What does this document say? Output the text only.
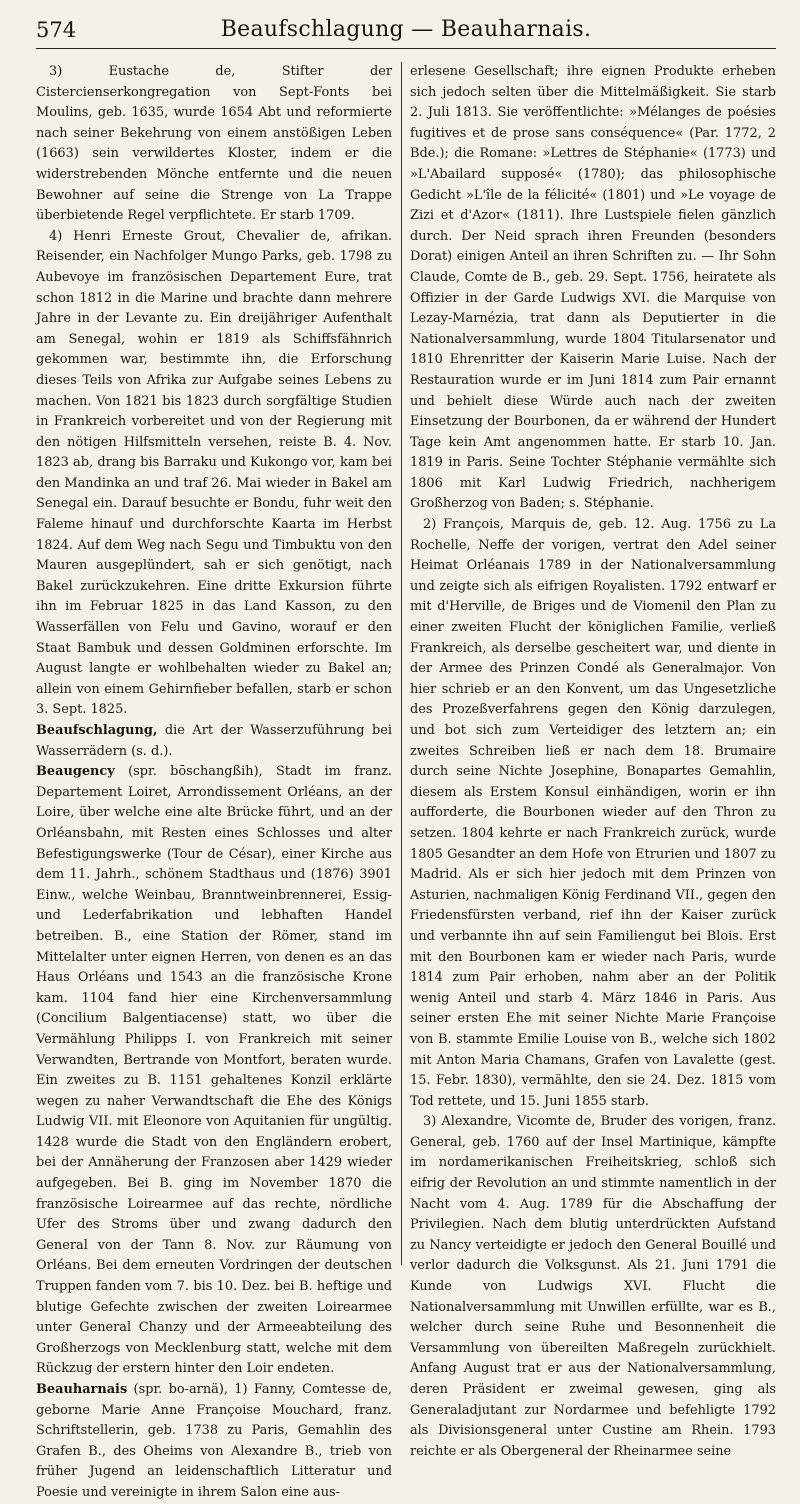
574	Beaufschlagung — Beauharnais.

3) Eustache de, Stifter der Cistercienserkongregation von Sept-Fonts bei Moulins, geb. 1635, wurde 1654 Abt und reformierte nach seiner Bekehrung von einem anstößigen Leben (1663) sein verwildertes Kloster, indem er die widerstrebenden Mönche entfernte und die neuen Bewohner auf seine die Strenge von La Trappe überbietende Regel verpflichtete. Er starb 1709.

4) Henri Erneste Grout, Chevalier de, afrikan. Reisender, ein Nachfolger Mungo Parks, geb. 1798 zu Aubevoye im französischen Departement Eure, trat schon 1812 in die Marine und brachte dann mehrere Jahre in der Levante zu. Ein dreijähriger Aufenthalt am Senegal, wohin er 1819 als Schiffsfähnrich gekommen war, bestimmte ihn, die Erforschung dieses Teils von Afrika zur Aufgabe seines Lebens zu machen. Von 1821 bis 1823 durch sorgfältige Studien in Frankreich vorbereitet und von der Regierung mit den nötigen Hilfsmitteln versehen, reiste B. 4. Nov. 1823 ab, drang bis Barraku und Kukongo vor, kam bei den Mandinka an und traf 26. Mai wieder in Bakel am Senegal ein. Darauf besuchte er Bondu, fuhr weit den Faleme hinauf und durchforschte Kaarta im Herbst 1824. Auf dem Weg nach Segu und Timbuktu von den Mauren ausgeplündert, sah er sich genötigt, nach Bakel zurückzukehren. Eine dritte Exkursion führte ihn im Februar 1825 in das Land Kasson, zu den Wasserfällen von Felu und Gavino, worauf er den Staat Bambuk und dessen Goldminen erforschte. Im August langte er wohlbehalten wieder zu Bakel an; allein von einem Gehirnfieber befallen, starb er schon 3. Sept. 1825.

Beaufschlagung, die Art der Wasserzuführung bei Wasserrädern (s. d.).

Beaugency (spr. bōschangßih), Stadt im franz. Departement Loiret, Arrondissement Orléans, an der Loire, über welche eine alte Brücke führt, und an der Orléansbahn, mit Resten eines Schlosses und alter Befestigungswerke (Tour de César), einer Kirche aus dem 11. Jahrh., schönem Stadthaus und (1876) 3901 Einw., welche Weinbau, Branntweinbrennerei, Essig- und Lederfabrikation und lebhaften Handel betreiben. B., eine Station der Römer, stand im Mittelalter unter eignen Herren, von denen es an das Haus Orléans und 1543 an die französische Krone kam. 1104 fand hier eine Kirchenversammlung (Concilium Balgentiacense) statt, wo über die Vermählung Philipps I. von Frankreich mit seiner Verwandten, Bertrande von Montfort, beraten wurde. Ein zweites zu B. 1151 gehaltenes Konzil erklärte wegen zu naher Verwandtschaft die Ehe des Königs Ludwig VII. mit Eleonore von Aquitanien für ungültig. 1428 wurde die Stadt von den Engländern erobert, bei der Annäherung der Franzosen aber 1429 wieder aufgegeben. Bei B. ging im November 1870 die französische Loirearmee auf das rechte, nördliche Ufer des Stroms über und zwang dadurch den General von der Tann 8. Nov. zur Räumung von Orléans. Bei dem erneuten Vordringen der deutschen Truppen fanden vom 7. bis 10. Dez. bei B. heftige und blutige Gefechte zwischen der zweiten Loirearmee unter General Chanzy und der Armeeabteilung des Großherzogs von Mecklenburg statt, welche mit dem Rückzug der erstern hinter den Loir endeten.

Beauharnais (spr. bo-arnä), 1) Fanny, Comtesse de, geborne Marie Anne Françoise Mouchard, franz. Schriftstellerin, geb. 1738 zu Paris, Gemahlin des Grafen B., des Oheims von Alexandre B., trieb von früher Jugend an leidenschaftlich Litteratur und Poesie und vereinigte in ihrem Salon eine aus-

erlesene Gesellschaft; ihre eignen Produkte erheben sich jedoch selten über die Mittelmäßigkeit. Sie starb 2. Juli 1813. Sie veröffentlichte: »Mélanges de poésies fugitives et de prose sans conséquence« (Par. 1772, 2 Bde.); die Romane: »Lettres de Stéphanie« (1773) und »L'Abailard supposé« (1780); das philosophische Gedicht »L'île de la félicité« (1801) und »Le voyage de Zizi et d'Azor« (1811). Ihre Lustspiele fielen gänzlich durch. Der Neid sprach ihren Freunden (besonders Dorat) einigen Anteil an ihren Schriften zu. — Ihr Sohn Claude, Comte de B., geb. 29. Sept. 1756, heiratete als Offizier in der Garde Ludwigs XVI. die Marquise von Lezay-Marnézia, trat dann als Deputierter in die Nationalversammlung, wurde 1804 Titularsenator und 1810 Ehrenritter der Kaiserin Marie Luise. Nach der Restauration wurde er im Juni 1814 zum Pair ernannt und behielt diese Würde auch nach der zweiten Einsetzung der Bourbonen, da er während der Hundert Tage kein Amt angenommen hatte. Er starb 10. Jan. 1819 in Paris. Seine Tochter Stéphanie vermählte sich 1806 mit Karl Ludwig Friedrich, nachherigem Großherzog von Baden; s. Stéphanie.

2) François, Marquis de, geb. 12. Aug. 1756 zu La Rochelle, Neffe der vorigen, vertrat den Adel seiner Heimat Orléanais 1789 in der Nationalversammlung und zeigte sich als eifrigen Royalisten. 1792 entwarf er mit d'Herville, de Briges und de Viomenil den Plan zu einer zweiten Flucht der königlichen Familie, verließ Frankreich, als derselbe gescheitert war, und diente in der Armee des Prinzen Condé als Generalmajor. Von hier schrieb er an den Konvent, um das Ungesetzliche des Prozeßverfahrens gegen den König darzulegen, und bot sich zum Verteidiger des letztern an; ein zweites Schreiben ließ er nach dem 18. Brumaire durch seine Nichte Josephine, Bonapartes Gemahlin, diesem als Erstem Konsul einhändigen, worin er ihn aufforderte, die Bourbonen wieder auf den Thron zu setzen. 1804 kehrte er nach Frankreich zurück, wurde 1805 Gesandter an dem Hofe von Etrurien und 1807 zu Madrid. Als er sich hier jedoch mit dem Prinzen von Asturien, nachmaligen König Ferdinand VII., gegen den Friedensfürsten verband, rief ihn der Kaiser zurück und verbannte ihn auf sein Familiengut bei Blois. Erst mit den Bourbonen kam er wieder nach Paris, wurde 1814 zum Pair erhoben, nahm aber an der Politik wenig Anteil und starb 4. März 1846 in Paris. Aus seiner ersten Ehe mit seiner Nichte Marie Françoise von B. stammte Emilie Louise von B., welche sich 1802 mit Anton Maria Chamans, Grafen von Lavalette (gest. 15. Febr. 1830), vermählte, den sie 24. Dez. 1815 vom Tod rettete, und 15. Juni 1855 starb.

3) Alexandre, Vicomte de, Bruder des vorigen, franz. General, geb. 1760 auf der Insel Martinique, kämpfte im nordamerikanischen Freiheitskrieg, schloß sich eifrig der Revolution an und stimmte namentlich in der Nacht vom 4. Aug. 1789 für die Abschaffung der Privilegien. Nach dem blutig unterdrückten Aufstand zu Nancy verteidigte er jedoch den General Bouillé und verlor dadurch die Volksgunst. Als 21. Juni 1791 die Kunde von Ludwigs XVI. Flucht die Nationalversammlung mit Unwillen erfüllte, war es B., welcher durch seine Ruhe und Besonnenheit die Versammlung von übereilten Maßregeln zurückhielt. Anfang August trat er aus der Nationalversammlung, deren Präsident er zweimal gewesen, ging als Generaladjutant zur Nordarmee und befehligte 1792 als Divisionsgeneral unter Custine am Rhein. 1793 reichte er als Obergeneral der Rheinarmee seine
